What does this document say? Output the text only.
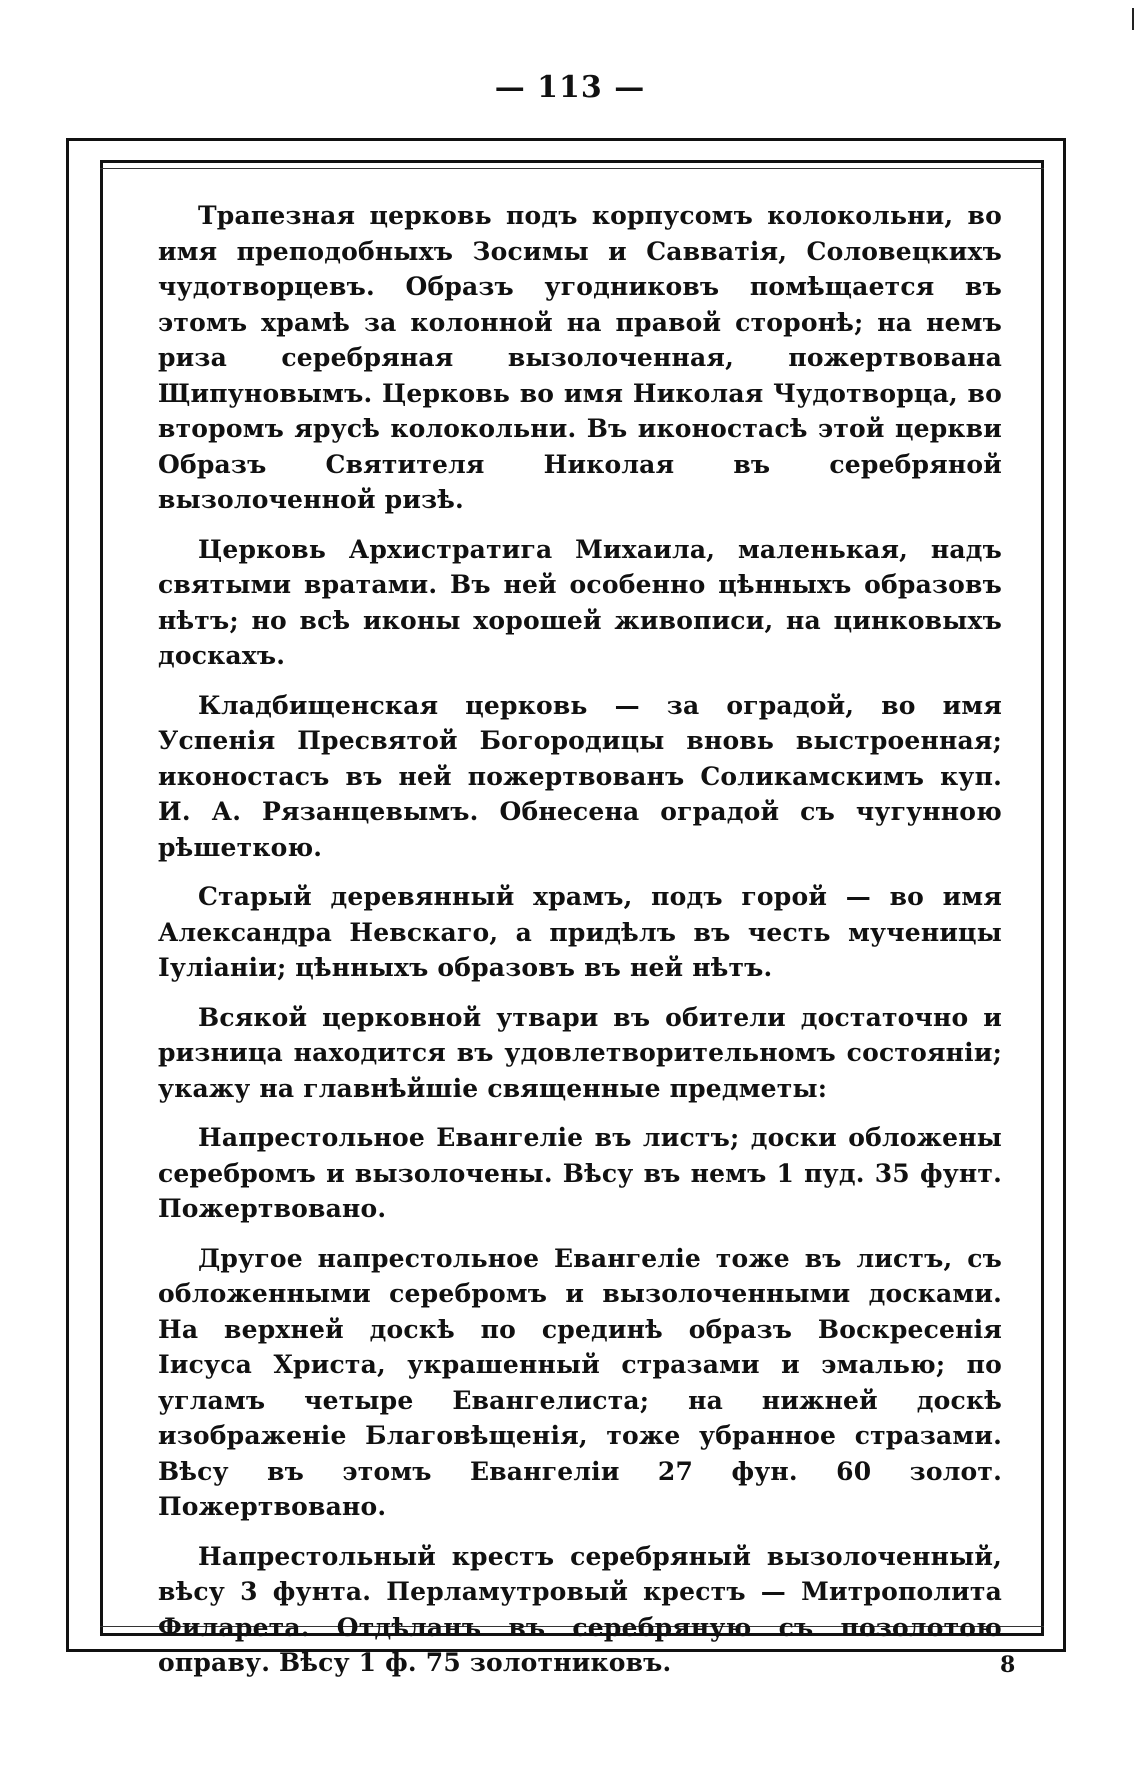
— 113 —

Трапезная церковь подъ корпусомъ колокольни, во имя преподобныхъ Зосимы и Савватія, Соловецкихъ чудотворцевъ. Образъ угодниковъ помѣщается въ этомъ храмѣ за колонной на правой сторонѣ; на немъ риза серебряная вызолоченная, пожертвована Щипуновымъ. Церковь во имя Николая Чудотворца, во второмъ ярусѣ колокольни. Въ иконостасѣ этой церкви Образъ Святителя Николая въ серебряной вызолоченной ризѣ.

Церковь Архистратига Михаила, маленькая, надъ святыми вратами. Въ ней особенно цѣнныхъ образовъ нѣтъ; но всѣ иконы хорошей живописи, на цинковыхъ доскахъ.

Кладбищенская церковь — за оградой, во имя Успенія Пресвятой Богородицы вновь выстроенная; иконостасъ въ ней пожертвованъ Соликамскимъ куп. И. А. Рязанцевымъ. Обнесена оградой съ чугунною рѣшеткою.

Старый деревянный храмъ, подъ горой — во имя Александра Невскаго, а придѣлъ въ честь мученицы Іуліаніи; цѣнныхъ образовъ въ ней нѣтъ.

Всякой церковной утвари въ обители достаточно и ризница находится въ удовлетворительномъ состояніи; укажу на главнѣйшіе священные предметы:

Напрестольное Евангеліе въ листъ; доски обложены серебромъ и вызолочены. Вѣсу въ немъ 1 пуд. 35 фунт. Пожертвовано.

Другое напрестольное Евангеліе тоже въ листъ, съ обложенными серебромъ и вызолоченными досками. На верхней доскѣ по срединѣ образъ Воскресенія Іисуса Христа, украшенный стразами и эмалью; по угламъ четыре Евангелиста; на нижней доскѣ изображеніе Благовѣщенія, тоже убранное стразами. Вѣсу въ этомъ Евангеліи 27 фун. 60 золот. Пожертвовано.

Напрестольный крестъ серебряный вызолоченный, вѣсу 3 фунта. Перламутровый крестъ — Митрополита Филарета. Отдѣланъ въ серебряную съ позолотою оправу. Вѣсу 1 ф. 75 золотниковъ.	8
